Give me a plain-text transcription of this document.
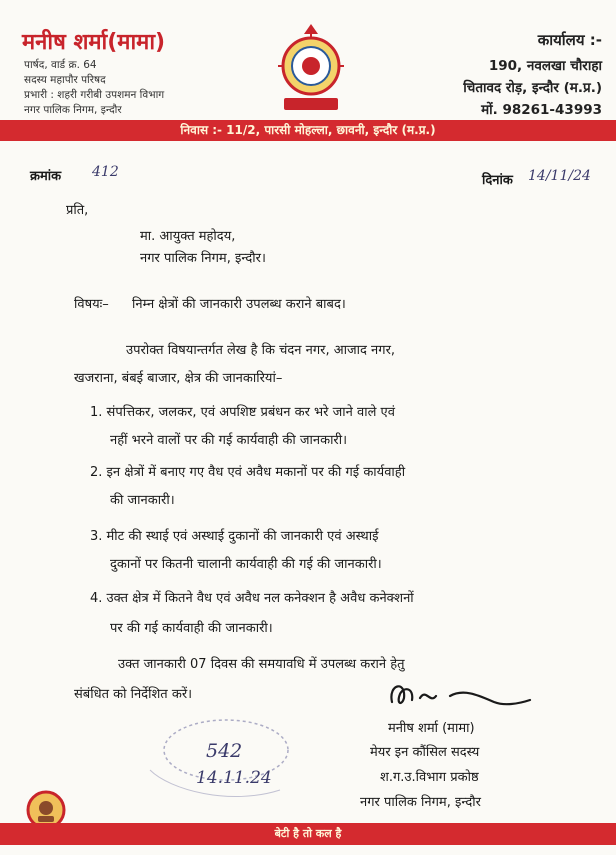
मनीष शर्मा(मामा)
पार्षद, वार्ड क्र. 64
सदस्य महापौर परिषद
प्रभारी : शहरी गरीबी उपशमन विभाग
नगर पालिक निगम, इन्दौर
कार्यालय :-
190, नवलखा चौराहा
चितावद रोड़, इन्दौर (म.प्र.)
मों. 98261-43993
निवास :- 11/2, पारसी मोहल्ला, छावनी, इन्दौर (म.प्र.)
क्रमांक 412
दिनांक 14/11/24
प्रति,
मा. आयुक्त महोदय,
नगर पालिक निगम, इन्दौर।
विषयः– निम्न क्षेत्रों की जानकारी उपलब्ध कराने बाबद।
उपरोक्त विषयान्तर्गत लेख है कि चंदन नगर, आजाद नगर,
खजराना, बंबई बाजार, क्षेत्र की जानकारियां–
1. संपत्तिकर, जलकर, एवं अपशिष्ट प्रबंधन कर भरे जाने वाले एवं
नहीं भरने वालों पर की गई कार्यवाही की जानकारी।
2. इन क्षेत्रों में बनाए गए वैध एवं अवैध मकानों पर की गई कार्यवाही
की जानकारी।
3. मीट की स्थाई एवं अस्थाई दुकानों की जानकारी एवं अस्थाई
दुकानों पर कितनी चालानी कार्यवाही की गई की जानकारी।
4. उक्त क्षेत्र में कितने वैध एवं अवैध नल कनेक्शन है अवैध कनेक्शनों
पर की गई कार्यवाही की जानकारी।
उक्त जानकारी 07 दिवस की समयावधि में उपलब्ध कराने हेतु
संबंधित को निर्देशित करें।
मनीष शर्मा (मामा)
मेयर इन कौंसिल सदस्य
श.ग.उ.विभाग प्रकोष्ठ
नगर पालिक निगम, इन्दौर
542
14.11.24
बेटी है तो कल है
